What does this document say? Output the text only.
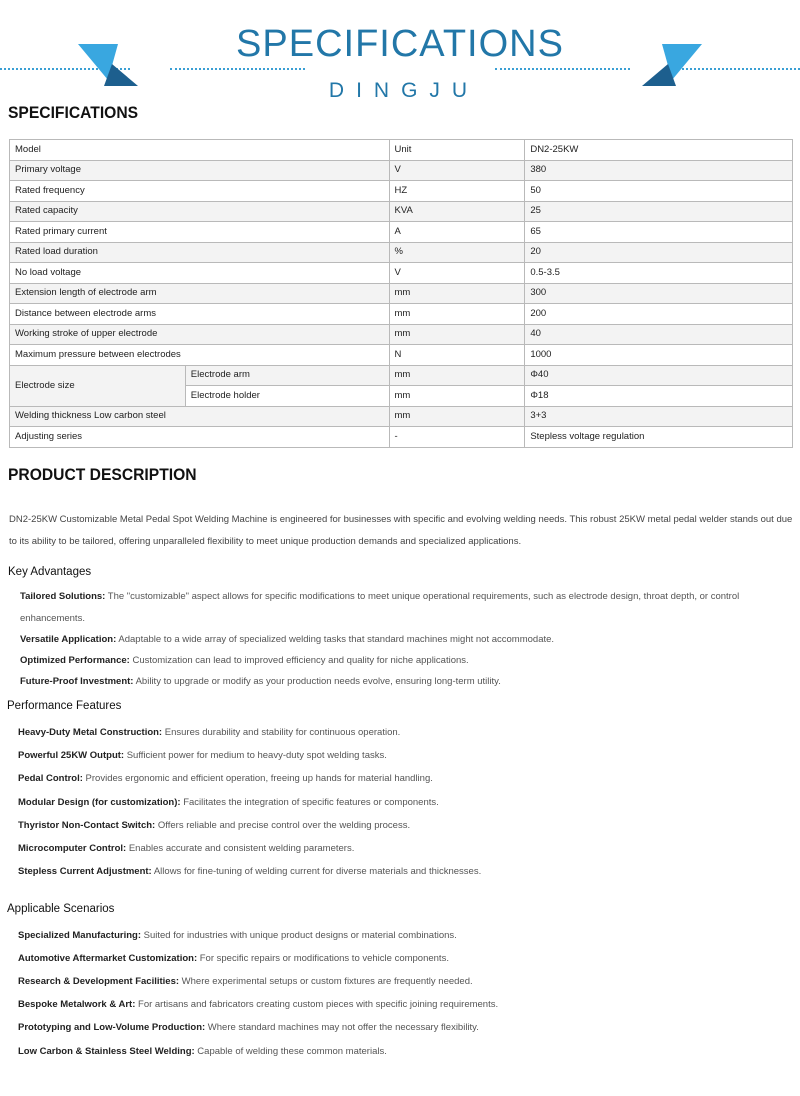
SPECIFICATIONS
DINGJU
SPECIFICATIONS
Model		Unit	DN2-25KW
Primary voltage		V	380
Rated frequency		HZ	50
Rated capacity		KVA	25
Rated primary current		A	65
Rated load duration		%	20
No load voltage		V	0.5-3.5
Extension length of electrode arm		mm	300
Distance between electrode arms		mm	200
Working stroke of upper electrode		mm	40
Maximum pressure between electrodes		N	1000
Electrode size	Electrode arm	mm	Φ40
	Electrode holder	mm	Φ18
Welding thickness Low carbon steel		mm	3+3
Adjusting series		-	Stepless voltage regulation
PRODUCT DESCRIPTION
DN2-25KW Customizable Metal Pedal Spot Welding Machine is engineered for businesses with specific and evolving welding needs. This robust 25KW metal pedal welder stands out due to its ability to be tailored, offering unparalleled flexibility to meet unique production demands and specialized applications.
Key Advantages
Tailored Solutions: The "customizable" aspect allows for specific modifications to meet unique operational requirements, such as electrode design, throat depth, or control enhancements.
Versatile Application: Adaptable to a wide array of specialized welding tasks that standard machines might not accommodate.
Optimized Performance: Customization can lead to improved efficiency and quality for niche applications.
Future-Proof Investment: Ability to upgrade or modify as your production needs evolve, ensuring long-term utility.
Performance Features
Heavy-Duty Metal Construction: Ensures durability and stability for continuous operation.
Powerful 25KW Output: Sufficient power for medium to heavy-duty spot welding tasks.
Pedal Control: Provides ergonomic and efficient operation, freeing up hands for material handling.
Modular Design (for customization): Facilitates the integration of specific features or components.
Thyristor Non-Contact Switch: Offers reliable and precise control over the welding process.
Microcomputer Control: Enables accurate and consistent welding parameters.
Stepless Current Adjustment: Allows for fine-tuning of welding current for diverse materials and thicknesses.
Applicable Scenarios
Specialized Manufacturing: Suited for industries with unique product designs or material combinations.
Automotive Aftermarket Customization: For specific repairs or modifications to vehicle components.
Research & Development Facilities: Where experimental setups or custom fixtures are frequently needed.
Bespoke Metalwork & Art: For artisans and fabricators creating custom pieces with specific joining requirements.
Prototyping and Low-Volume Production: Where standard machines may not offer the necessary flexibility.
Low Carbon & Stainless Steel Welding: Capable of welding these common materials.
